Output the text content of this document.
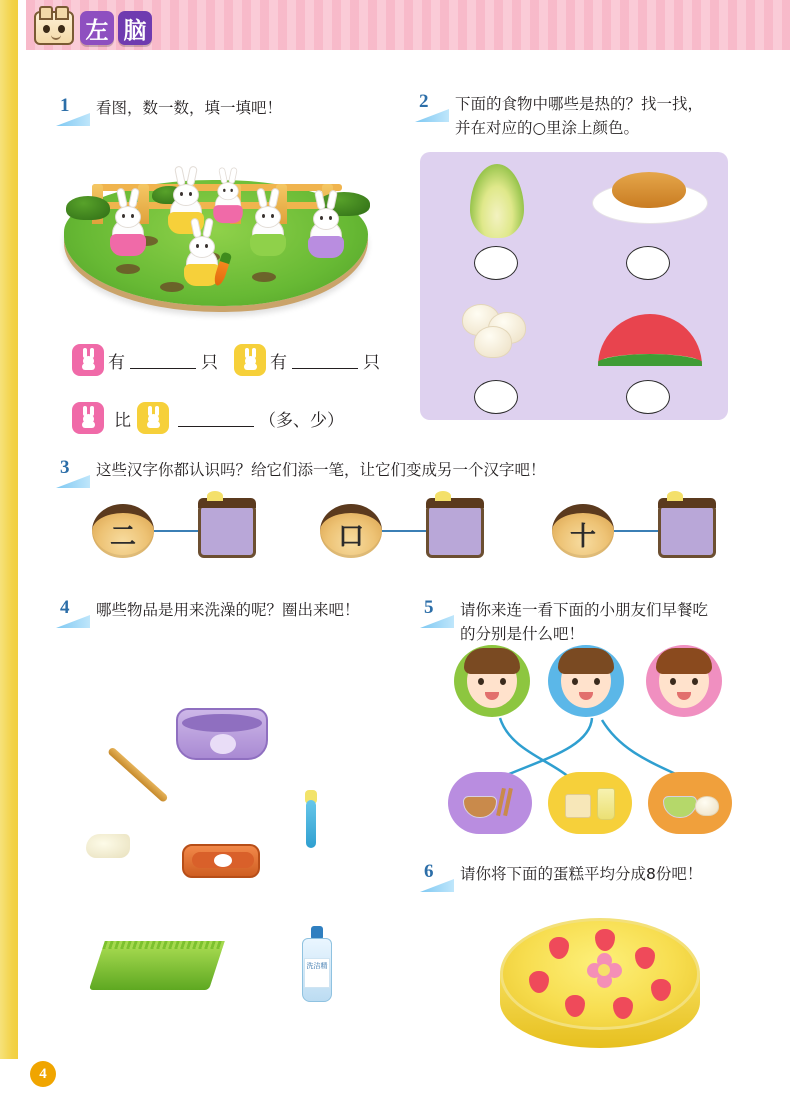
左 脑
1 看图，数一数，填一填吧！
有	只	有	只
比	（多、少）
2 下面的食物中哪些是热的？找一找，并在对应的○里涂上颜色。
3 这些汉字你都认识吗？给它们添一笔，让它们变成另一个汉字吧！
二	口	十
4 哪些物品是用来洗澡的呢？圈出来吧！
洗洁精
5 请你来连一看下面的小朋友们早餐吃的分别是什么吧！
6 请你将下面的蛋糕平均分成8份吧！
4
